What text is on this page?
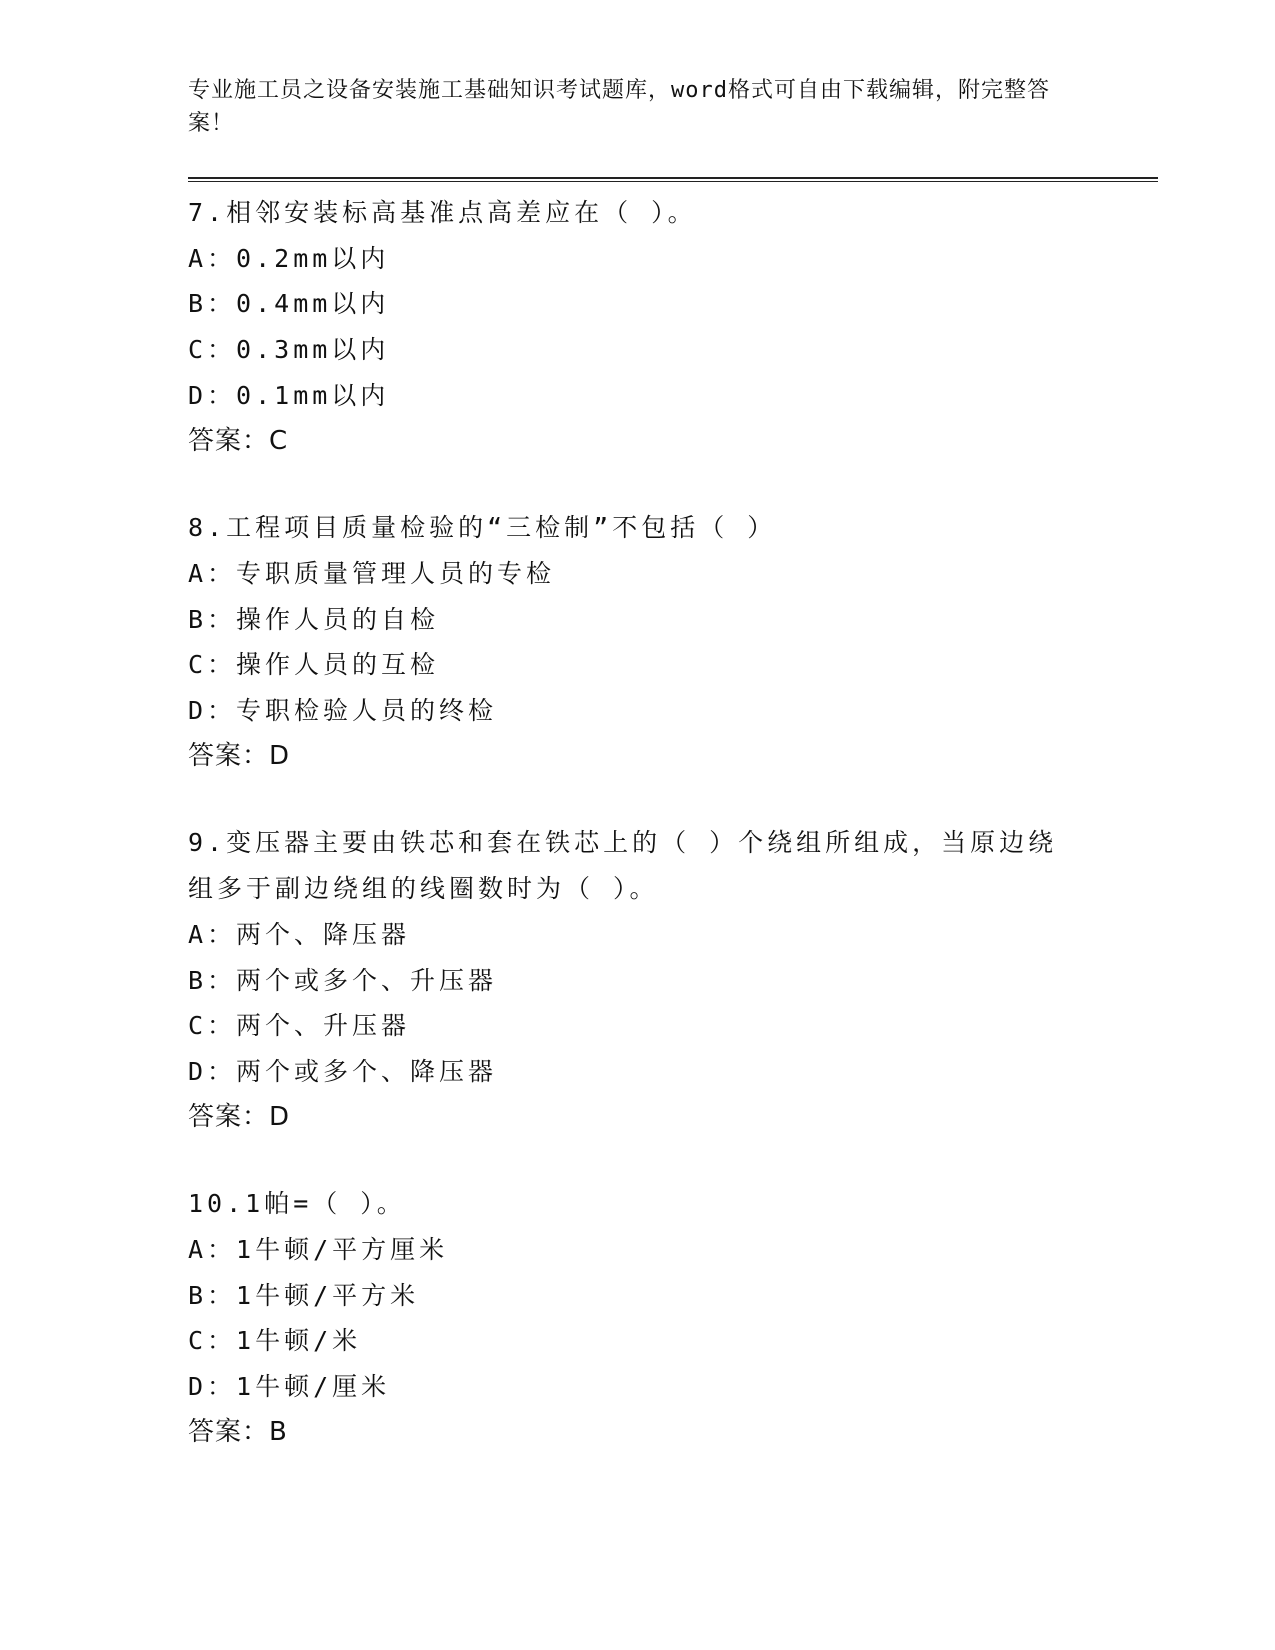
专业施工员之设备安装施工基础知识考试题库，word格式可自由下载编辑，附完整答案！
7.相邻安装标高基准点高差应在（ ）。
A：0.2mm以内
B：0.4mm以内
C：0.3mm以内
D：0.1mm以内
答案：C
8.工程项目质量检验的“三检制”不包括（ ）
A：专职质量管理人员的专检
B：操作人员的自检
C：操作人员的互检
D：专职检验人员的终检
答案：D
9.变压器主要由铁芯和套在铁芯上的（ ）个绕组所组成，当原边绕组多于副边绕组的线圈数时为（ ）。
A：两个、降压器
B：两个或多个、升压器
C：两个、升压器
D：两个或多个、降压器
答案：D
10.1帕=（ ）。
A：1牛顿/平方厘米
B：1牛顿/平方米
C：1牛顿/米
D：1牛顿/厘米
答案：B
